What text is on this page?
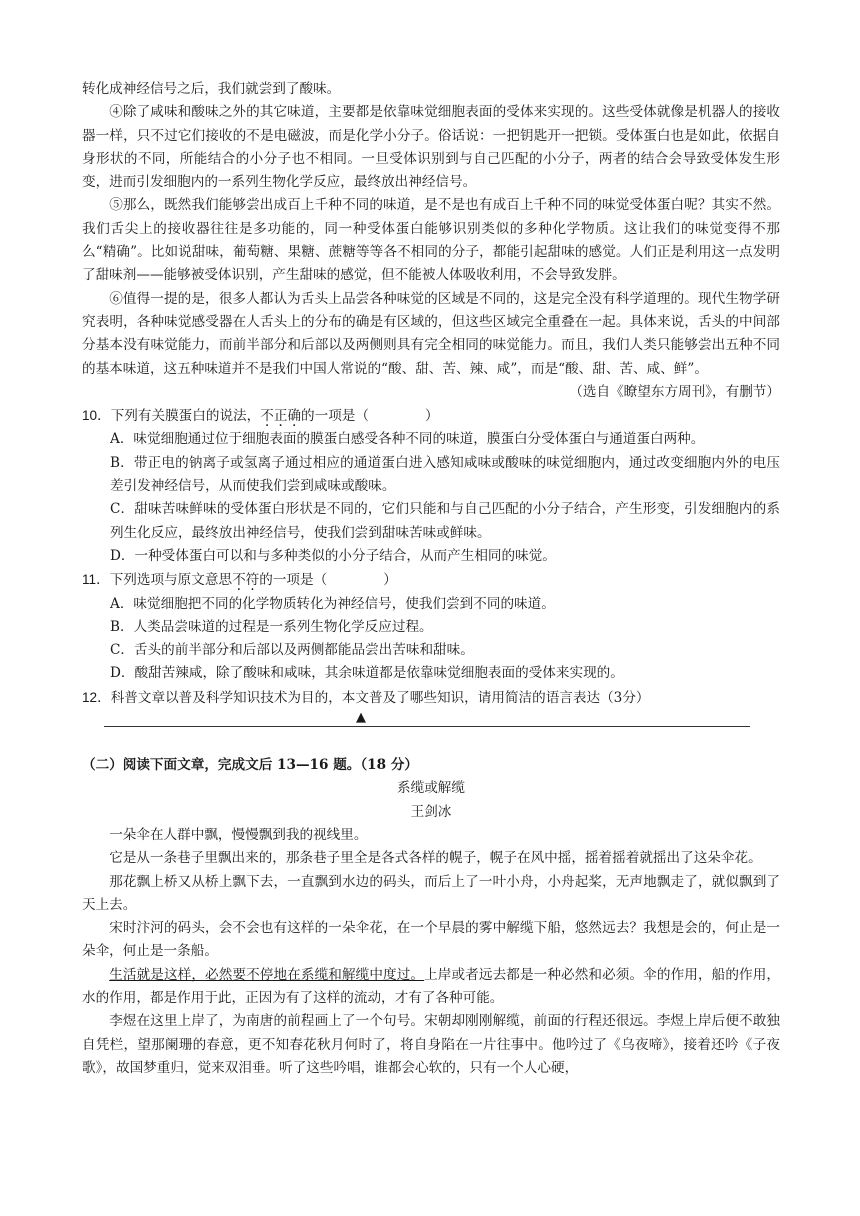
转化成神经信号之后，我们就尝到了酸味。

④除了咸味和酸味之外的其它味道，主要都是依靠味觉细胞表面的受体来实现的。这些受体就像是机器人的接收器一样，只不过它们接收的不是电磁波，而是化学小分子。俗话说：一把钥匙开一把锁。受体蛋白也是如此，依据自身形状的不同，所能结合的小分子也不相同。一旦受体识别到与自己匹配的小分子，两者的结合会导致受体发生形变，进而引发细胞内的一系列生物化学反应，最终放出神经信号。

⑤那么，既然我们能够尝出成百上千种不同的味道，是不是也有成百上千种不同的味觉受体蛋白呢？其实不然。我们舌尖上的接收器往往是多功能的，同一种受体蛋白能够识别类似的多种化学物质。这让我们的味觉变得不那么“精确”。比如说甜味，葡萄糖、果糖、蔗糖等等各不相同的分子，都能引起甜味的感觉。人们正是利用这一点发明了甜味剂——能够被受体识别，产生甜味的感觉，但不能被人体吸收利用，不会导致发胖。

⑥值得一提的是，很多人都认为舌头上品尝各种味觉的区域是不同的，这是完全没有科学道理的。现代生物学研究表明，各种味觉感受器在人舌头上的分布的确是有区域的，但这些区域完全重叠在一起。具体来说，舌头的中间部分基本没有味觉能力，而前半部分和后部以及两侧则具有完全相同的味觉能力。而且，我们人类只能够尝出五种不同的基本味道，这五种味道并不是我们中国人常说的“酸、甜、苦、辣、咸”，而是“酸、甜、苦、咸、鲜”。

（选自《瞭望东方周刊》，有删节）

10．下列有关膜蛋白的说法，不正确的一项是（	）

A．味觉细胞通过位于细胞表面的膜蛋白感受各种不同的味道，膜蛋白分受体蛋白与通道蛋白两种。

B．带正电的钠离子或氢离子通过相应的通道蛋白进入感知咸味或酸味的味觉细胞内，通过改变细胞内外的电压差引发神经信号，从而使我们尝到咸味或酸味。

C．甜味苦味鲜味的受体蛋白形状是不同的，它们只能和与自己匹配的小分子结合，产生形变，引发细胞内的系列生化反应，最终放出神经信号，使我们尝到甜味苦味或鲜味。

D．一种受体蛋白可以和与多种类似的小分子结合，从而产生相同的味觉。

11．下列选项与原文意思不符的一项是（	）

A．味觉细胞把不同的化学物质转化为神经信号，使我们尝到不同的味道。

B．人类品尝味道的过程是一系列生物化学反应过程。

C．舌头的前半部分和后部以及两侧都能品尝出苦味和甜味。

D．酸甜苦辣咸，除了酸味和咸味，其余味道都是依靠味觉细胞表面的受体来实现的。

12．科普文章以普及科学知识技术为目的，本文普及了哪些知识，请用简洁的语言表达（3分）

▲

（二）阅读下面文章，完成文后 13—16 题。（18 分）

系缆或解缆

王剑冰

一朵伞在人群中飘，慢慢飘到我的视线里。

它是从一条巷子里飘出来的，那条巷子里全是各式各样的幌子，幌子在风中摇，摇着摇着就摇出了这朵伞花。

那花飘上桥又从桥上飘下去，一直飘到水边的码头，而后上了一叶小舟，小舟起桨，无声地飘走了，就似飘到了天上去。

宋时汴河的码头，会不会也有这样的一朵伞花，在一个早晨的雾中解缆下船，悠然远去？我想是会的，何止是一朵伞，何止是一条船。

生活就是这样，必然要不停地在系缆和解缆中度过。上岸或者远去都是一种必然和必须。伞的作用，船的作用，水的作用，都是作用于此，正因为有了这样的流动，才有了各种可能。

李煜在这里上岸了，为南唐的前程画上了一个句号。宋朝却刚刚解缆，前面的行程还很远。李煜上岸后便不敢独自凭栏，望那阑珊的春意，更不知春花秋月何时了，将自身陷在一片往事中。他吟过了《乌夜啼》，接着还吟《子夜歌》，故国梦重归，觉来双泪垂。听了这些吟唱，谁都会心软的，只有一个人心硬，
